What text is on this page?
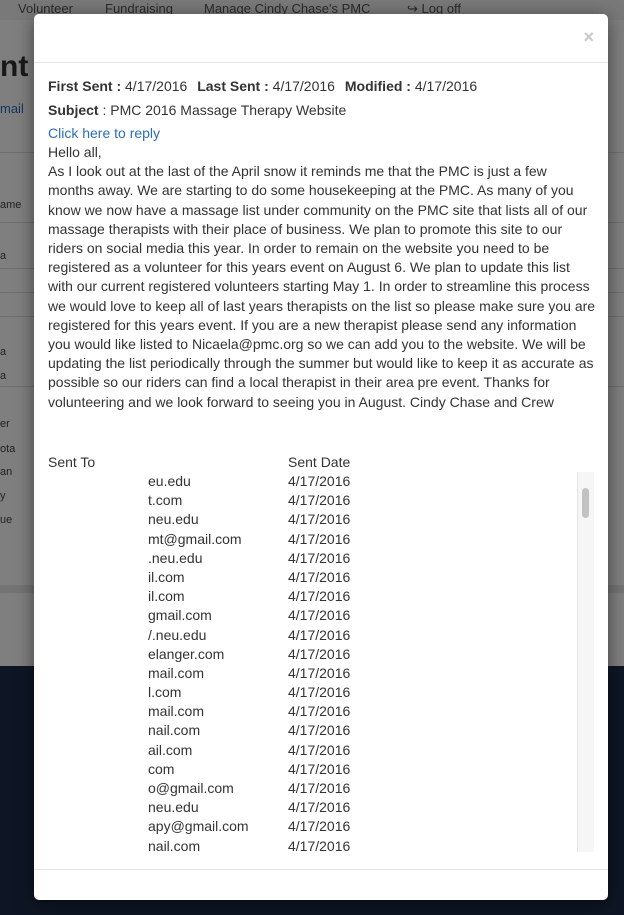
×
First Sent : 4/17/2016 Last Sent : 4/17/2016 Modified : 4/17/2016
Subject : PMC 2016 Massage Therapy Website
Click here to reply

Hello all,

As I look out at the last of the April snow it reminds me that the PMC is just a few months away. We are starting to do some housekeeping at the PMC. As many of you know we now have a massage list under community on the PMC site that lists all of our massage therapists with their place of business. We plan to promote this site to our riders on social media this year. In order to remain on the website you need to be registered as a volunteer for this years event on August 6. We plan to update this list with our current registered volunteers starting May 1. In order to streamline this process we would love to keep all of last years therapists on the list so please make sure you are registered for this years event. If you are a new therapist please send any information you would like listed to Nicaela@pmc.org so we can add you to the website. We will be updating the list periodically through the summer but would like to keep it as accurate as possible so our riders can find a local therapist in their area pre event. Thanks for volunteering and we look forward to seeing you in August. Cindy Chase and Crew

Sent To	Sent Date
eu.edu	4/17/2016
t.com	4/17/2016
neu.edu	4/17/2016
mt@gmail.com	4/17/2016
.neu.edu	4/17/2016
il.com	4/17/2016
il.com	4/17/2016
gmail.com	4/17/2016
/.neu.edu	4/17/2016
elanger.com	4/17/2016
mail.com	4/17/2016
l.com	4/17/2016
mail.com	4/17/2016
nail.com	4/17/2016
ail.com	4/17/2016
com	4/17/2016
o@gmail.com	4/17/2016
neu.edu	4/17/2016
apy@gmail.com	4/17/2016
nail.com	4/17/2016
